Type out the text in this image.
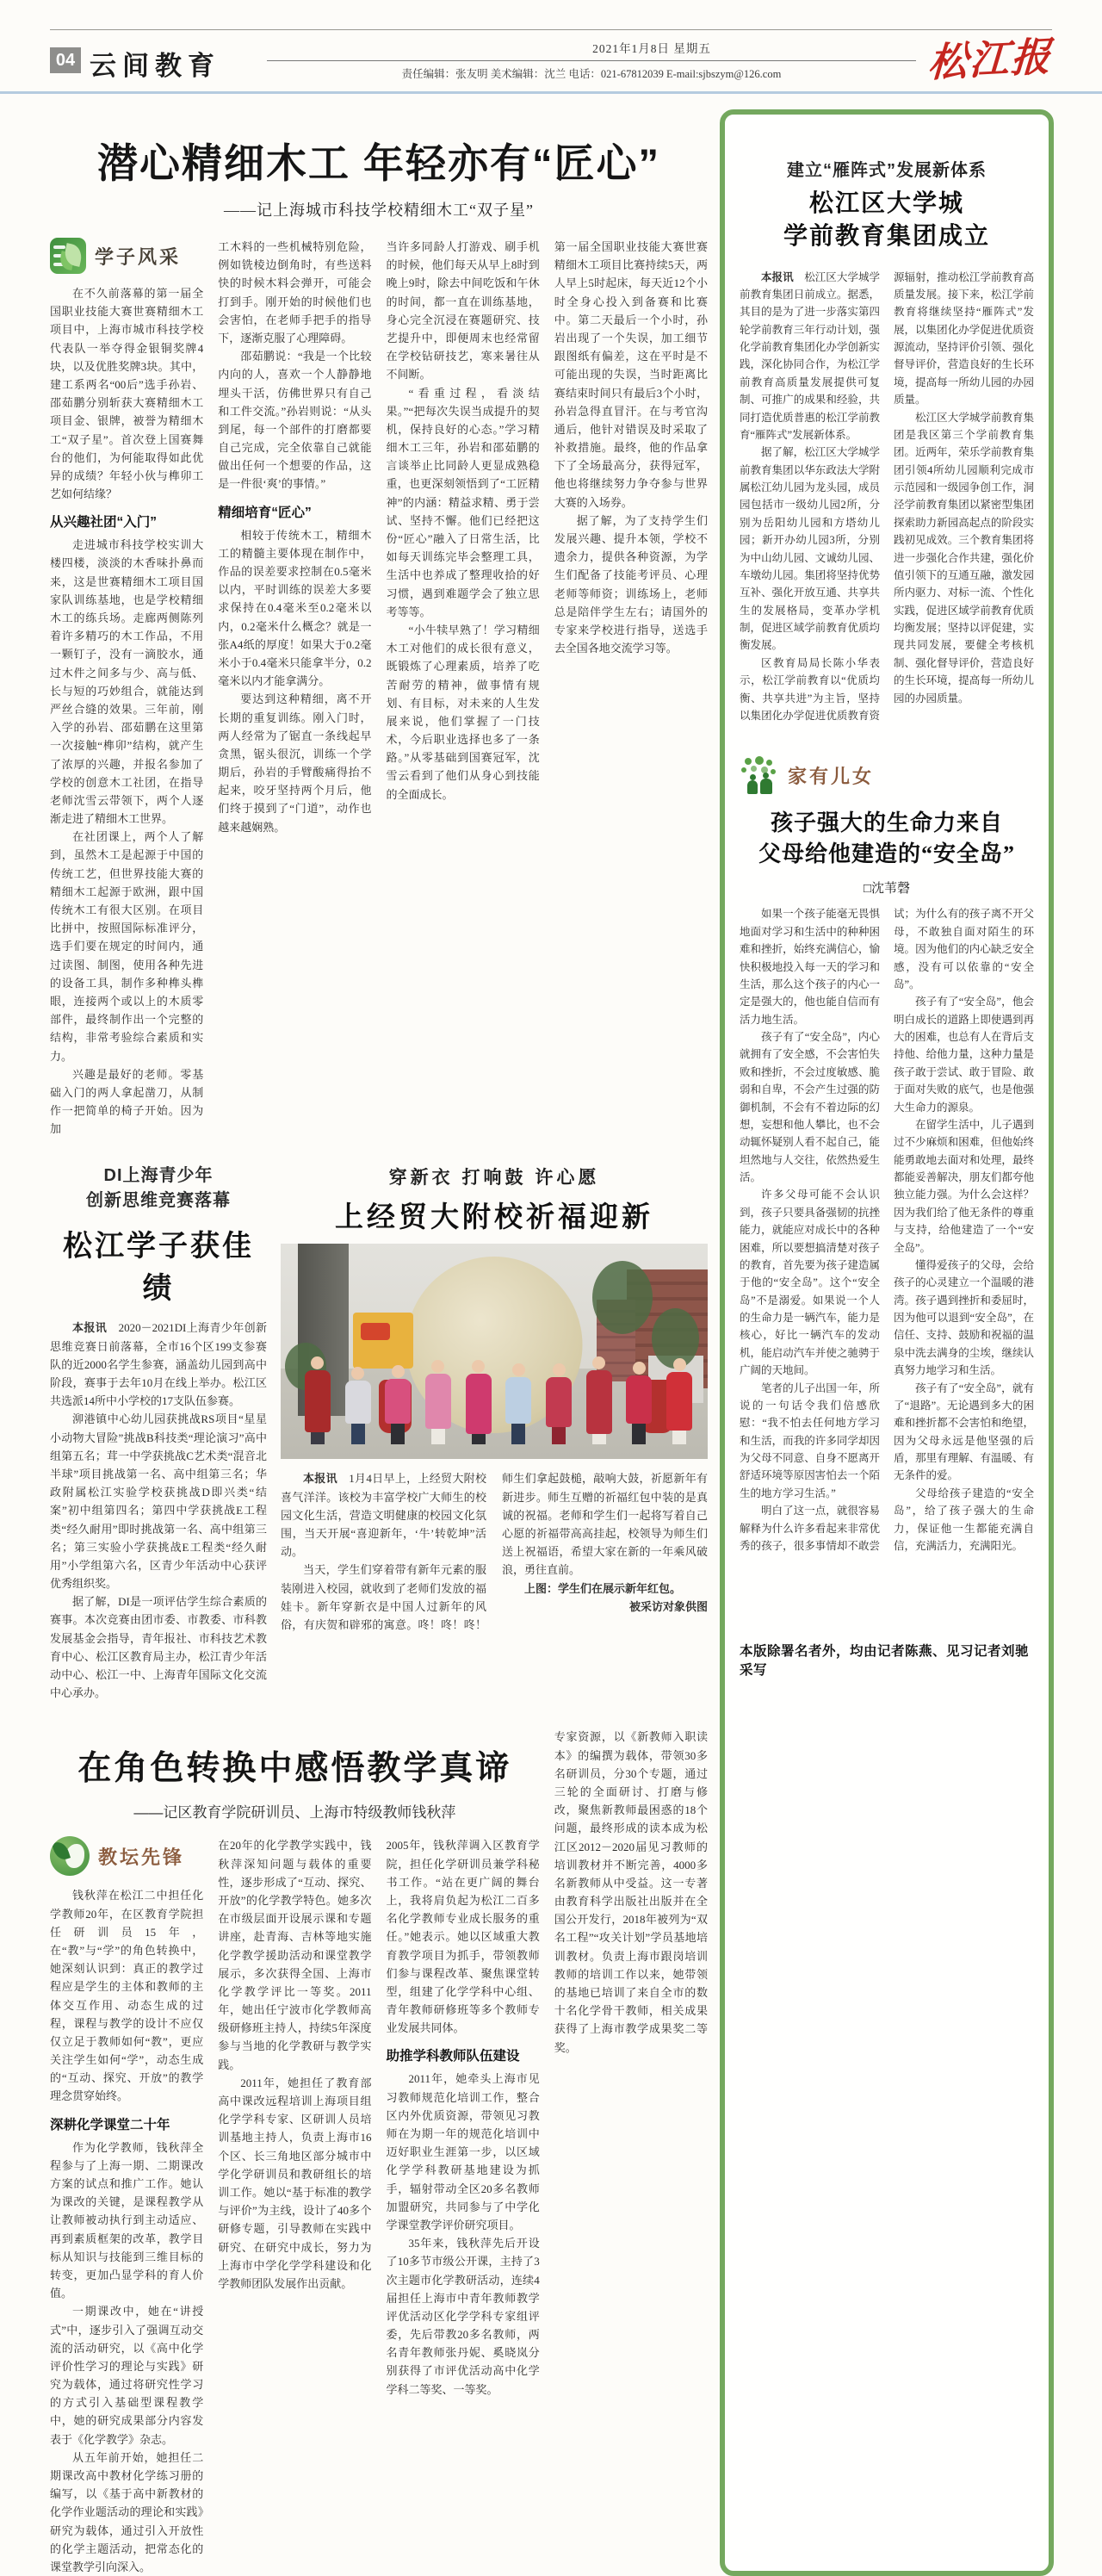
04 云间教育
2021年1月8日 星期五
责任编辑：张友明 美术编辑：沈兰 电话：021-67812039 E-mail:sjbszym@126.com	松江报
潜心精细木工 年轻亦有“匠心”
——记上海城市科技学校精细木工“双子星”
学子风采

在不久前落幕的第一届全国职业技能大赛世赛精细木工项目中，上海市城市科技学校代表队一举夺得金银铜奖牌4块，以及优胜奖牌3块。其中，建工系两名“00后”选手孙岩、邵茹鹏分别斩获大赛精细木工项目金、银牌，被誉为精细木工“双子星”。首次登上国赛舞台的他们，为何能取得如此优异的成绩？年轻小伙与榫卯工艺如何结缘？

从兴趣社团“入门”

走进城市科技学校实训大楼四楼，淡淡的木香味扑鼻而来，这是世赛精细木工项目国家队训练基地，也是学校精细木工的练兵场。走廊两侧陈列着许多精巧的木工作品，不用一颗钉子，没有一滴胶水，通过木件之间多与少、高与低、长与短的巧妙组合，就能达到严丝合缝的效果。三年前，刚入学的孙岩、邵茹鹏在这里第一次接触“榫卯”结构，就产生了浓厚的兴趣，并报名参加了学校的创意木工社团，在指导老师沈雪云带领下，两个人逐渐走进了精细木工世界。

在社团课上，两个人了解到，虽然木工是起源于中国的传统工艺，但世界技能大赛的精细木工起源于欧洲，跟中国传统木工有很大区别。在项目比拼中，按照国际标准评分，选手们要在规定的时间内，通过读图、制图，使用各种先进的设备工具，制作多种榫头榫眼，连接两个或以上的木质零部件，最终制作出一个完整的结构，非常考验综合素质和实力。

兴趣是最好的老师。零基础入门的两人拿起凿刀，从制作一把简单的椅子开始。因为加

工木料的一些机械特别危险，例如铣棱边倒角时，有些送料快的时候木料会弹开，可能会打到手。刚开始的时候他们也会害怕，在老师手把手的指导下，逐渐克服了心理障碍。

邵茹鹏说：“我是一个比较内向的人，喜欢一个人静静地埋头干活，仿佛世界只有自己和工件交流。”孙岩则说：“从头到尾，每一个部件的打磨都要自己完成，完全依靠自己就能做出任何一个想要的作品，这是一件很‘爽’的事情。”

精细培育“匠心”

相较于传统木工，精细木工的精髓主要体现在制作中，作品的误差要求控制在0.5毫米以内，平时训练的误差大多要求保持在0.4毫米至0.2毫米以内，0.2毫米什么概念？就是一张A4纸的厚度！如果大于0.2毫米小于0.4毫米只能拿半分，0.2毫米以内才能拿满分。

要达到这种精细，离不开长期的重复训练。刚入门时，两人经常为了锯直一条线起早贪黑，锯头很沉，训练一个学期后，孙岩的手臂酸痛得抬不起来，咬牙坚持两个月后，他们终于摸到了“门道”，动作也越来越娴熟。

当许多同龄人打游戏、刷手机的时候，他们每天从早上8时到晚上9时，除去中间吃饭和午休的时间，都一直在训练基地，身心完全沉浸在赛题研究、技艺提升中，即便周末也经常留在学校钻研技艺，寒来暑往从不间断。

“看重过程，看淡结果。”“把每次失误当成提升的契机，保持良好的心态。”学习精细木工三年，孙岩和邵茹鹏的言谈举止比同龄人更显成熟稳重，也更深刻领悟到了“工匠精神”的内涵：精益求精、勇于尝试、坚持不懈。他们已经把这份“匠心”融入了日常生活，比如每天训练完毕会整理工具，生活中也养成了整理收拾的好习惯，遇到难题学会了独立思考等等。

“小牛犊早熟了！学习精细木工对他们的成长很有意义，既锻炼了心理素质，培养了吃苦耐劳的精神，做事情有规划、有目标，对未来的人生发展来说，他们掌握了一门技术，今后职业选择也多了一条路。”从零基础到国赛冠军，沈雪云看到了他们从身心到技能的全面成长。

第一届全国职业技能大赛世赛精细木工项目比赛持续5天，两人早上5时起床，每天近12个小时全身心投入到备赛和比赛中。第二天最后一个小时，孙岩出现了一个失误，加工细节跟图纸有偏差，这在平时是不可能出现的失误，当时距离比赛结束时间只有最后3个小时，孙岩急得直冒汗。在与考官沟通后，他针对错误及时采取了补救措施。最终，他的作品拿下了全场最高分，获得冠军，他也将继续努力争夺参与世界大赛的入场券。

据了解，为了支持学生们发展兴趣、提升本领，学校不遗余力，提供各种资源，为学生们配备了技能考评员、心理老师等师资；训练场上，老师总是陪伴学生左右；请国外的专家来学校进行指导，送选手去全国各地交流学习等。

DI上海青少年
创新思维竞赛落幕
松江学子获佳绩

本报讯　2020－2021DI上海青少年创新思维竞赛日前落幕，全市16个区199支参赛队的近2000名学生参赛，涵盖幼儿园到高中阶段，赛事于去年10月在线上举办。松江区共选派14所中小学校的17支队伍参赛。

泖港镇中心幼儿园获挑战RS项目“星星小动物大冒险”挑战B科技类“理论演习”高中组第五名；茸一中学获挑战C艺术类“混音北半球”项目挑战第一名、高中组第三名；华政附属松江实验学校获挑战D即兴类“结案”初中组第四名；第四中学获挑战E工程类“经久耐用”即时挑战第一名、高中组第三名；第三实验小学获挑战E工程类“经久耐用”小学组第六名，区青少年活动中心获评优秀组织奖。

据了解，DI是一项评估学生综合素质的赛事。本次竞赛由团市委、市教委、市科教发展基金会指导，青年报社、市科技艺术教育中心、松江区教育局主办，松江青少年活动中心、松江一中、上海青年国际文化交流中心承办。

穿新衣 打响鼓 许心愿
上经贸大附校祈福迎新

本报讯　1月4日早上，上经贸大附校喜气洋洋。该校为丰富学校广大师生的校园文化生活，营造文明健康的校园文化氛围，当天开展“喜迎新年，‘牛’转乾坤”活动。

当天，学生们穿着带有新年元素的服装刚进入校园，就收到了老师们发放的福娃卡。新年穿新衣是中国人过新年的风俗，有庆贺和辟邪的寓意。咚！咚！咚！师生们拿起鼓槌，敲响大鼓，祈愿新年有新进步。师生互赠的祈福红包中装的是真诚的祝福。老师和学生们一起将写着自己心愿的祈福带高高挂起，校领导为师生们送上祝福语，希望大家在新的一年乘风破浪，勇往直前。

上图：学生们在展示新年红包。

被采访对象供图

在角色转换中感悟教学真谛
——记区教育学院研训员、上海市特级教师钱秋萍

专家资源，以《新教师入职读本》的编撰为载体，带领30多名研训员，分30个专题，通过三轮的全面研讨、打磨与修改，聚焦新教师最困惑的18个问题，最终形成的读本成为松江区2012－2020届见习教师的培训教材并不断完善，4000多名新教师从中受益。这一专著由教育科学出版社出版并在全国公开发行，2018年被列为“双名工程”“攻关计划”学员基地培训教材。负责上海市跟岗培训教师的培训工作以来，她带领的基地已培训了来自全市的数十名化学骨干教师，相关成果获得了上海市教学成果奖二等奖。

教坛先锋

钱秋萍在松江二中担任化学教师20年，在区教育学院担任研训员15年，在“教”与“学”的角色转换中，她深刻认识到：真正的教学过程应是学生的主体和教师的主体交互作用、动态生成的过程，课程与教学的设计不应仅仅立足于教师如何“教”，更应关注学生如何“学”，动态生成的“互动、探究、开放”的教学理念贯穿始终。

深耕化学课堂二十年

作为化学教师，钱秋萍全程参与了上海一期、二期课改方案的试点和推广工作。她认为课改的关键，是课程教学从让教师被动执行到主动适应、再到素质框架的改革，教学目标从知识与技能到三维目标的转变，更加凸显学科的育人价值。

一期课改中，她在“讲授式”中，逐步引入了强调互动交流的活动研究，以《高中化学评价性学习的理论与实践》研究为载体，通过将研究性学习的方式引入基础型课程教学中，她的研究成果部分内容发表于《化学教学》杂志。

从五年前开始，她担任二期课改高中教材化学练习册的编写，以《基于高中新教材的化学作业题活动的理论和实践》研究为载体，通过引入开放性的化学主题活动，把常态化的课堂教学引向深入。

在20年的化学教学实践中，钱秋萍深知问题与载体的重要性，逐步形成了“互动、探究、开放”的化学教学特色。她多次在市级层面开设展示课和专题讲座，赴青海、吉林等地实施化学教学援助活动和课堂教学展示，多次获得全国、上海市化学教学评比一等奖。2011年，她出任宁波市化学教师高级研修班主持人，持续5年深度参与当地的化学教研与教学实践。

2011年，她担任了教育部高中课改远程培训上海项目组化学学科专家、区研训人员培训基地主持人，负责上海市16个区、长三角地区部分城市中学化学研训员和教研组长的培训工作。她以“基于标准的教学与评价”为主线，设计了40多个研修专题，引导教师在实践中研究、在研究中成长，努力为上海市中学化学学科建设和化学教师团队发展作出贡献。

2005年，钱秋萍调入区教育学院，担任化学研训员兼学科秘书工作。“站在更广阔的舞台上，我将肩负起为松江二百多名化学教师专业成长服务的重任。”她表示。她以区域重大教育教学项目为抓手，带领教师们参与课程改革、聚焦课堂转型，组建了化学学科中心组、青年教师研修班等多个教师专业发展共同体。

助推学科教师队伍建设

2011年，她牵头上海市见习教师规范化培训工作，整合区内外优质资源，带领见习教师在为期一年的规范化培训中迈好职业生涯第一步，以区域化学学科教研基地建设为抓手，辐射带动全区20多名教师加盟研究，共同参与了中学化学课堂教学评价研究项目。

35年来，钱秋萍先后开设了10多节市级公开课，主持了3次主题市化学教研活动，连续4届担任上海市中青年教师教学评优活动区化学学科专家组评委，先后带教20多名教师，两名青年教师张丹妮、奚晓岚分别获得了市评优活动高中化学学科二等奖、一等奖。

建立“雁阵式”发展新体系
松江区大学城
学前教育集团成立

本报讯　松江区大学城学前教育集团日前成立。据悉，其目的是为了进一步落实第四轮学前教育三年行动计划，强化学前教育集团化办学创新实践，深化协同合作，为松江学前教育高质量发展提供可复制、可推广的成果和经验，共同打造优质普惠的松江学前教育“雁阵式”发展新体系。

据了解，松江区大学城学前教育集团以华东政法大学附属松江幼儿园为龙头园，成员园包括市一级幼儿园2所，分别为岳阳幼儿园和方塔幼儿园；新开办幼儿园3所，分别为中山幼儿园、文诚幼儿园、车墩幼儿园。集团将坚持优势互补、强化开放互通、共享共生的发展格局，变革办学机制，促进区域学前教育优质均衡发展。

区教育局局长陈小华表示，松江学前教育以“优质均衡、共享共进”为主旨，坚持以集团化办学促进优质教育资源辐射，推动松江学前教育高质量发展。接下来，松江学前教育将继续坚持“雁阵式”发展，以集团化办学促进优质资源流动，坚持评价引领、强化督导评价，营造良好的生长环境，提高每一所幼儿园的办园质量。

松江区大学城学前教育集团是我区第三个学前教育集团。近两年，荣乐学前教育集团引领4所幼儿园顺利完成市示范园和一级园争创工作，洞泾学前教育集团以紧密型集团探索助力新园高起点的阶段实践初见成效。三个教育集团将进一步强化合作共建，强化价值引领下的互通互融，激发园所内驱力、对标一流、个性化实践，促进区域学前教育优质均衡发展；坚持以评促建，实现共同发展，要健全考核机制、强化督导评价，营造良好的生长环境，提高每一所幼儿园的办园质量。

家有儿女
孩子强大的生命力来自
父母给他建造的“安全岛”
□沈苇磬

如果一个孩子能毫无畏惧地面对学习和生活中的种种困难和挫折，始终充满信心，愉快积极地投入每一天的学习和生活，那么这个孩子的内心一定是强大的，他也能自信而有活力地生活。

孩子有了“安全岛”，内心就拥有了安全感，不会害怕失败和挫折，不会过度敏感、脆弱和自卑，不会产生过强的防御机制，不会有不着边际的幻想，妄想和他人攀比，也不会动辄怀疑别人看不起自己，能坦然地与人交往，依然热爱生活。

许多父母可能不会认识到，孩子只要具备强韧的抗挫能力，就能应对成长中的各种困难，所以要想搞清楚对孩子的教育，首先要为孩子建造属于他的“安全岛”。这个“安全岛”不是溺爱。如果说一个人的生命力是一辆汽车，能力是核心，好比一辆汽车的发动机，能启动汽车并使之驰骋于广阔的天地间。

笔者的儿子出国一年，所说的一句话令我们倍感欣慰：“我不怕去任何地方学习和生活，而我的许多同学却因为父母不同意、自身不愿离开舒适环境等原因害怕去一个陌生的地方学习生活。”

明白了这一点，就很容易解释为什么许多看起来非常优秀的孩子，很多事情却不敢尝试；为什么有的孩子离不开父母，不敢独自面对陌生的环境。因为他们的内心缺乏安全感，没有可以依靠的“安全岛”。

孩子有了“安全岛”，他会明白成长的道路上即使遇到再大的困难，也总有人在背后支持他、给他力量，这种力量是孩子敢于尝试、敢于冒险、敢于面对失败的底气，也是他强大生命力的源泉。

在留学生活中，儿子遇到过不少麻烦和困难，但他始终能勇敢地去面对和处理，最终都能妥善解决，朋友们都夸他独立能力强。为什么会这样？因为我们给了他无条件的尊重与支持，给他建造了一个“安全岛”。

懂得爱孩子的父母，会给孩子的心灵建立一个温暖的港湾。孩子遇到挫折和委屈时，因为他可以退到“安全岛”，在信任、支持、鼓励和祝福的温泉中洗去满身的尘埃，继续认真努力地学习和生活。

孩子有了“安全岛”，就有了“退路”。无论遇到多大的困难和挫折都不会害怕和绝望，因为父母永远是他坚强的后盾，那里有理解、有温暖、有无条件的爱。

父母给孩子建造的“安全岛”，给了孩子强大的生命力，保证他一生都能充满自信，充满活力，充满阳光。

本版除署名者外，均由记者陈燕、见习记者刘驰采写
